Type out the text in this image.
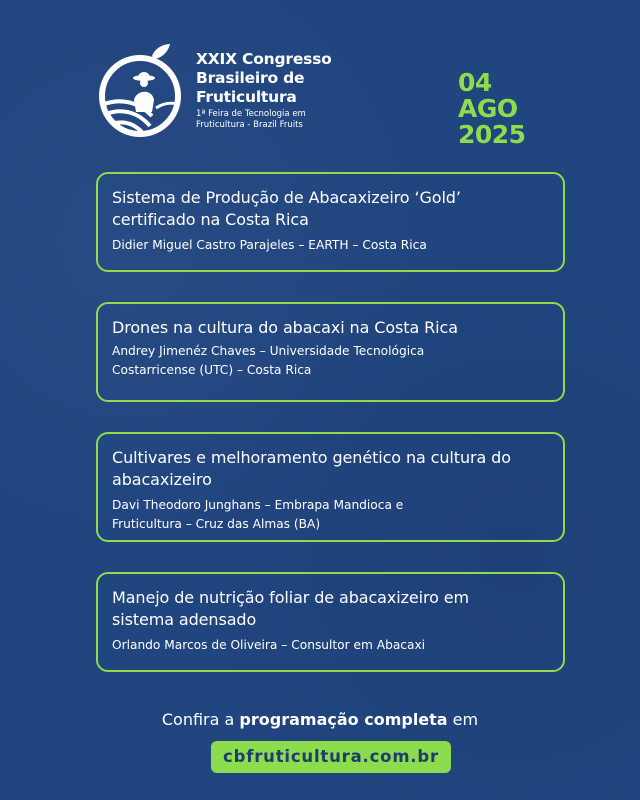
XXIX Congresso
Brasileiro de
Fruticultura
1ª Feira de Tecnologia em
Fruticultura - Brazil Fruits
04 AGO
2025
Sistema de Produção de Abacaxizeiro ‘Gold’
certificado na Costa Rica
Didier Miguel Castro Parajeles – EARTH – Costa Rica
Drones na cultura do abacaxi na Costa Rica
Andrey Jimenéz Chaves – Universidade Tecnológica
Costarricense (UTC) – Costa Rica
Cultivares e melhoramento genético na cultura do
abacaxizeiro
Davi Theodoro Junghans – Embrapa Mandioca e
Fruticultura – Cruz das Almas (BA)
Manejo de nutrição foliar de abacaxizeiro em
sistema adensado
Orlando Marcos de Oliveira – Consultor em Abacaxi
Confira a programação completa em
cbfruticultura.com.br
